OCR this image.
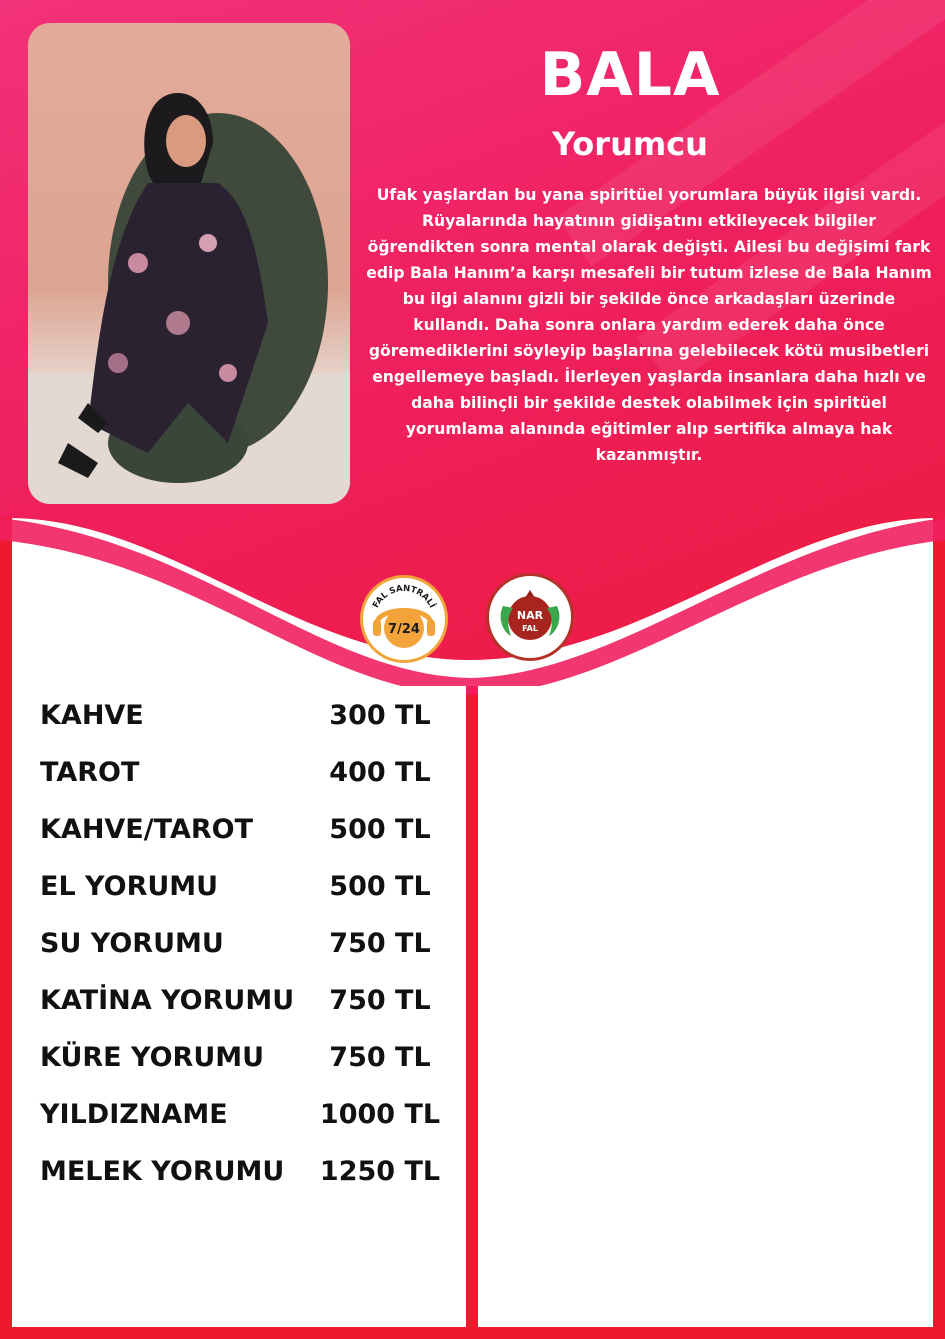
BALA
Yorumcu
Ufak yaşlardan bu yana spiritüel yorumlara büyük ilgisi vardı. Rüyalarında hayatının gidişatını etkileyecek bilgiler öğrendikten sonra mental olarak değişti. Ailesi bu değişimi fark edip Bala Hanım’a karşı mesafeli bir tutum izlese de Bala Hanım bu ilgi alanını gizli bir şekilde önce arkadaşları üzerinde kullandı. Daha sonra onlara yardım ederek daha önce göremediklerini söyleyip başlarına gelebilecek kötü musibetleri engellemeye başladı. İlerleyen yaşlarda insanlara daha hızlı ve daha bilinçli bir şekilde destek olabilmek için spiritüel yorumlama alanında eğitimler alıp sertifika almaya hak kazanmıştır.
FAL SANTRALİ
7/24
NAR
FAL
KAHVE	300 TL
TAROT	400 TL
KAHVE/TAROT	500 TL
EL YORUMU	500 TL
SU YORUMU	750 TL
KATİNA YORUMU	750 TL
KÜRE YORUMU	750 TL
YILDIZNAME	1000 TL
MELEK YORUMU	1250 TL
